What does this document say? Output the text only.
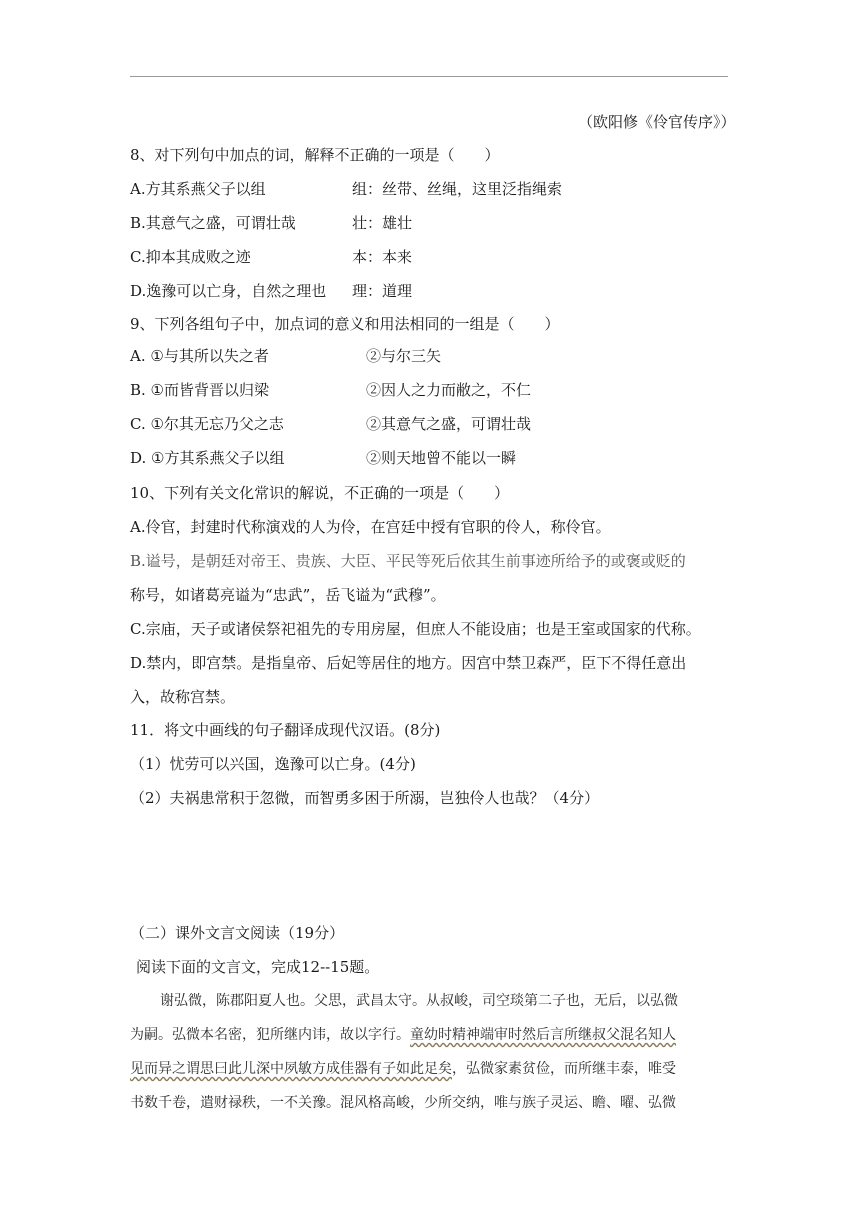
（欧阳修《伶官传序》）
8、对下列句中加点的词，解释不正确的一项是（　　）
A.方其系燕父子以组	组：丝带、丝绳，这里泛指绳索
B.其意气之盛，可谓壮哉	壮：雄壮
C.抑本其成败之迹	本：本来
D.逸豫可以亡身，自然之理也 理：道理
9、下列各组句子中，加点词的意义和用法相同的一组是（　　）
A. ①与其所以失之者	②与尔三矢
B. ①而皆背晋以归梁	②因人之力而敝之，不仁
C. ①尔其无忘乃父之志	②其意气之盛，可谓壮哉
D. ①方其系燕父子以组	②则天地曾不能以一瞬
10、下列有关文化常识的解说，不正确的一项是（　　）
A.伶官，封建时代称演戏的人为伶，在宫廷中授有官职的伶人，称伶官。
B.谥号，是朝廷对帝王、贵族、大臣、平民等死后依其生前事迹所给予的或褒或贬的
称号，如诸葛亮谥为“忠武”，岳飞谥为“武穆”。
C.宗庙，天子或诸侯祭祀祖先的专用房屋，但庶人不能设庙；也是王室或国家的代称。
D.禁内，即宫禁。是指皇帝、后妃等居住的地方。因宫中禁卫森严，臣下不得任意出
入，故称宫禁。
11．将文中画线的句子翻译成现代汉语。(8分)
（1）忧劳可以兴国，逸豫可以亡身。(4分)
（2）夫祸患常积于忽微，而智勇多困于所溺，岂独伶人也哉？（4分）
（二）课外文言文阅读（19分）
阅读下面的文言文，完成12--15题。
谢弘微，陈郡阳夏人也。父思，武昌太守。从叔峻，司空琰第二子也，无后，以弘微
为嗣。弘微本名密，犯所继内讳，故以字行。童幼时精神端审时然后言所继叔父混名知人
见而异之谓思曰此儿深中夙敏方成佳器有子如此足矣，弘微家素贫俭，而所继丰泰，唯受
书数千卷，遣财禄秩，一不关豫。混风格高峻，少所交纳，唯与族子灵运、瞻、曜、弘微
